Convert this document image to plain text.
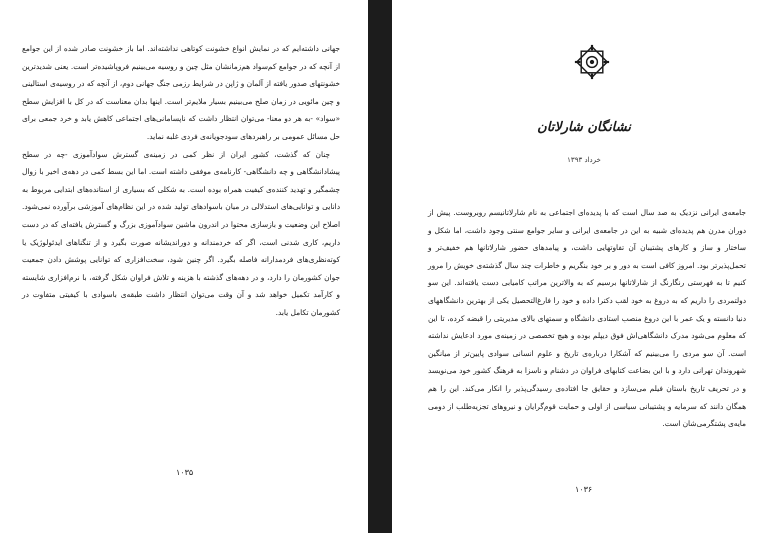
جهانی داشته‌ایم که در نمایش انواع خشونت کوتاهی نداشته‌اند. اما باز خشونت صادر شده از این جوامع از آنچه که در جوامع کم‌سواد هم‌زمانشان مثل چین و روسیه می‌بینیم فروپاشیده‌تر است. یعنی شدیدترین خشونتهای صدور یافته از آلمان و ژاپن در شرایط رزمی جنگ جهانی دوم، از آنچه که در روسیه‌ی استالینی و چین مائویی در زمان صلح می‌بینیم بسیار ملایم‌تر است. اینها بدان معناست که در کل با افزایش سطح «سواد» -به هر دو معنا- می‌توان انتظار داشت که ناپسامانی‌های اجتماعی کاهش یابد و خرد جمعی برای حل مسائل عمومی بر راهبردهای سودجویانه‌ی فردی غلبه نماید.

چنان که گذشت، کشور ایران از نظر کمی در زمینه‌ی گسترش سوادآموزی -چه در سطح پیشادانشگاهی و چه دانشگاهی- کارنامه‌ی موفقی داشته است. اما این بسط کمی در دهه‌ی اخیر با زوال چشمگیر و تهدید کننده‌ی کیفیت همراه بوده است. به شکلی که بسیاری از استانده‌های ابتدایی مربوط به دانایی و توانایی‌های استدلالی در میان باسوادهای تولید شده در این نظام‌های آموزشی برآورده نمی‌شود. اصلاح این وضعیت و بازسازی محتوا در اندرون ماشین سوادآموزی بزرگ و گسترش یافته‌ای که در دست داریم، کاری شدنی است، اگر که خردمندانه و دوراندیشانه صورت بگیرد و از تنگناهای ایدئولوژیک یا کوته‌نظری‌های فردمدارانه فاصله بگیرد. اگر چنین شود، سخت‌افزاری که توانایی پوشش دادن جمعیت جوان کشورمان را دارد، و در دهه‌های گذشته با هزینه و تلاش فراوان شکل گرفته، با نرم‌افزاری شایسته و کارآمد تکمیل خواهد شد و آن وقت می‌توان انتظار داشت طبقه‌ی باسوادی با کیفیتی متفاوت در کشورمان تکامل یابد.

۱۰۳۵
نشانگان شارلاتان
خرداد ۱۳۹۳

جامعه‌ی ایرانی نزدیک به صد سال است که با پدیده‌ای اجتماعی به نام شارلاتانیسم روبروست. پیش از دوران مدرن هم پدیده‌ای شبیه به این در جامعه‌ی ایرانی و سایر جوامع سنتی وجود داشت، اما شکل و ساختار و ساز و کارهای پشتیبان آن تفاوتهایی داشت، و پیامدهای حضور شارلاتانها هم خفیف‌تر و تحمل‌پذیرتر بود. امروز کافی است به دور و بر خود بنگریم و خاطرات چند سال گذشته‌ی خویش را مرور کنیم تا به فهرستی رنگارنگ از شارلاتانها برسیم که به والاترین مراتب کامیابی دست یافته‌اند. این سو دولتمردی را داریم که به دروغ به خود لقب دکترا داده و خود را فارغ‌التحصیل یکی از بهترین دانشگاههای دنیا دانسته و یک عمر با این دروغ منصب استادی دانشگاه و سمتهای بالای مدیریتی را قبضه کرده، تا این که معلوم می‌شود مدرک دانشگاهی‌اش فوق دیپلم بوده و هیچ تخصصی در زمینه‌ی مورد ادعایش نداشته است. آن سو مردی را می‌بینیم که آشکارا درباره‌ی تاریخ و علوم انسانی سوادی پایین‌تر از میانگین شهروندان تهرانی دارد و با این بضاعت کتابهای فراوان در دشنام و ناسزا به فرهنگ کشور خود می‌نویسد و در تحریف تاریخ باستان فیلم می‌سازد و حقایق جا افتاده‌ی رسیدگی‌پذیر را انکار می‌کند. این را هم همگان دانند که سرمایه و پشتیبانی سیاسی از اولی و حمایت قوم‌گرایان و نیروهای تجزیه‌طلب از دومی مایه‌ی پشتگرمی‌شان است.

۱۰۳۶
